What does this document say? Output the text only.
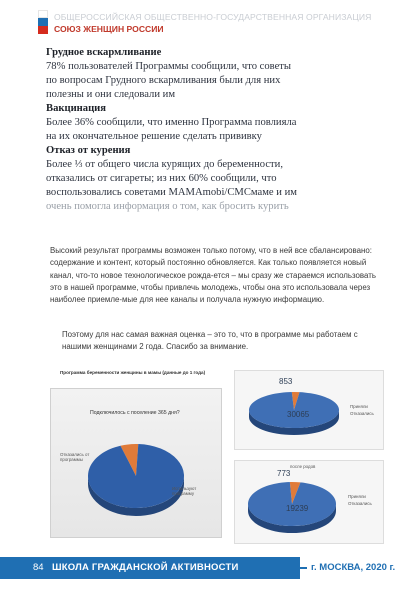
ОБЩЕРОССИЙСКАЯ ОБЩЕСТВЕННО-ГОСУДАРСТВЕННАЯ ОРГАНИЗАЦИЯ
СОЮЗ ЖЕНЩИН РОССИИ
Грудное вскармливание
78% пользователей Программы сообщили, что советы
по вопросам Грудного вскармливания были для них
полезны и они следовали им
Вакцинация
Более 36% сообщили, что именно Программа повлияла
на их окончательное решение сделать прививку
Отказ от курения
Более ⅓ от общего числа курящих до беременности,
отказались от сигареты; из них 60% сообщили, что
воспользовались советами MAMAmobi/CMCмаме и им
очень помогла информация о том, как бросить курить

Высокий результат программы возможен только потому, что в ней все сбалансировано: содержание и контент, который постоянно обновляется. Как только появляется новый канал, что-то новое технологическое рожда-ется – мы сразу же стараемся использовать это в нашей программе, чтобы привлечь молодежь, чтобы она это использовала через наиболее приемле-мые для нее каналы и получала нужную информацию.

Поэтому для нас самая важная оценка – это то, что в программе мы работаем с нашими женщинами 2 года. Спасибо за внимание.

Программа беременности женщины в мамы (данные до 1 года)
Подключилось с поселение 365 дня?
Отказались от программы
Используют программу
853
30065
Приняли
Отказались
после родов
773
19239
Приняли
Отказались
84 ШКОЛА ГРАЖДАНСКОЙ АКТИВНОСТИ	г. МОСКВА, 2020 г.
